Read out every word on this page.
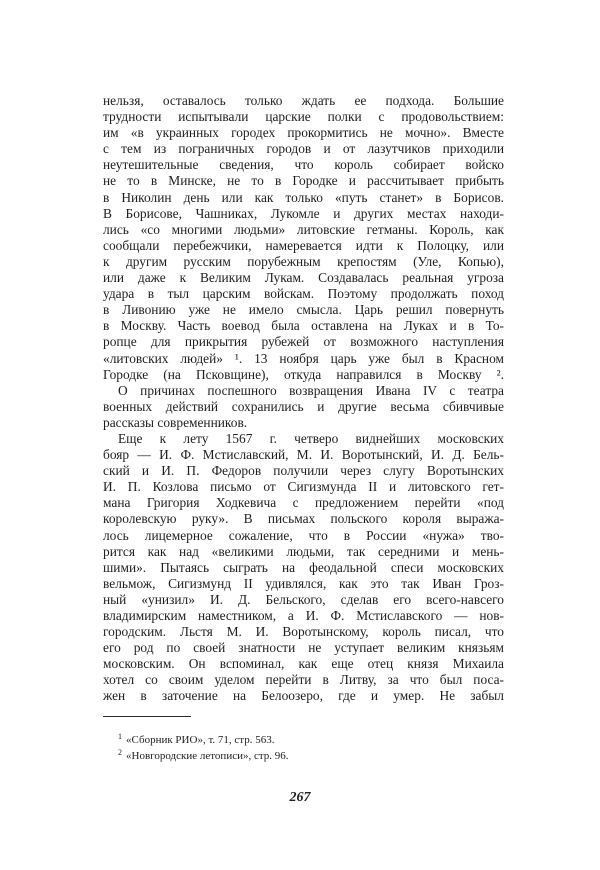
нельзя, оставалось только ждать ее подхода. Большие
трудности испытывали царские полки с продовольствием:
им «в украинных городех прокормитись не мочно». Вместе
с тем из пограничных городов и от лазутчиков приходили
неутешительные сведения, что король собирает войско
не то в Минске, не то в Городке и рассчитывает прибыть
в Николин день или как только «путь станет» в Борисов.
В Борисове, Чашниках, Лукомле и других местах находи-
лись «со многими людьми» литовские гетманы. Король, как
сообщали перебежчики, намеревается идти к Полоцку, или
к другим русским порубежным крепостям (Уле, Копью),
или даже к Великим Лукам. Создавалась реальная угроза
удара в тыл царским войскам. Поэтому продолжать поход
в Ливонию уже не имело смысла. Царь решил повернуть
в Москву. Часть воевод была оставлена на Луках и в То-
ропце для прикрытия рубежей от возможного наступления
«литовских людей» ¹. 13 ноября царь уже был в Красном
Городке (на Псковщине), откуда направился в Москву ².
О причинах поспешного возвращения Ивана IV с театра
военных действий сохранились и другие весьма сбивчивые
рассказы современников.
Еще к лету 1567 г. четверо виднейших московских
бояр — И. Ф. Мстиславский, М. И. Воротынский, И. Д. Бель-
ский и И. П. Федоров получили через слугу Воротынских
И. П. Козлова письмо от Сигизмунда II и литовского гет-
мана Григория Ходкевича с предложением перейти «под
королевскую руку». В письмах польского короля выража-
лось лицемерное сожаление, что в России «нужа» тво-
рится как над «великими людьми, так середними и мень-
шими». Пытаясь сыграть на феодальной спеси московских
вельмож, Сигизмунд II удивлялся, как это так Иван Гроз-
ный «унизил» И. Д. Бельского, сделав его всего-навсего
владимирским наместником, а И. Ф. Мстиславского — нов-
городским. Льстя М. И. Воротынскому, король писал, что
его род по своей знатности не уступает великим князьям
московским. Он вспоминал, как еще отец князя Михаила
хотел со своим уделом перейти в Литву, за что был поса-
жен в заточение на Белоозеро, где и умер. Не забыл
$^1$ «Сборник РИО», т. 71, стр. 563.
$^2$ «Новгородские летописи», стр. 96.
267
